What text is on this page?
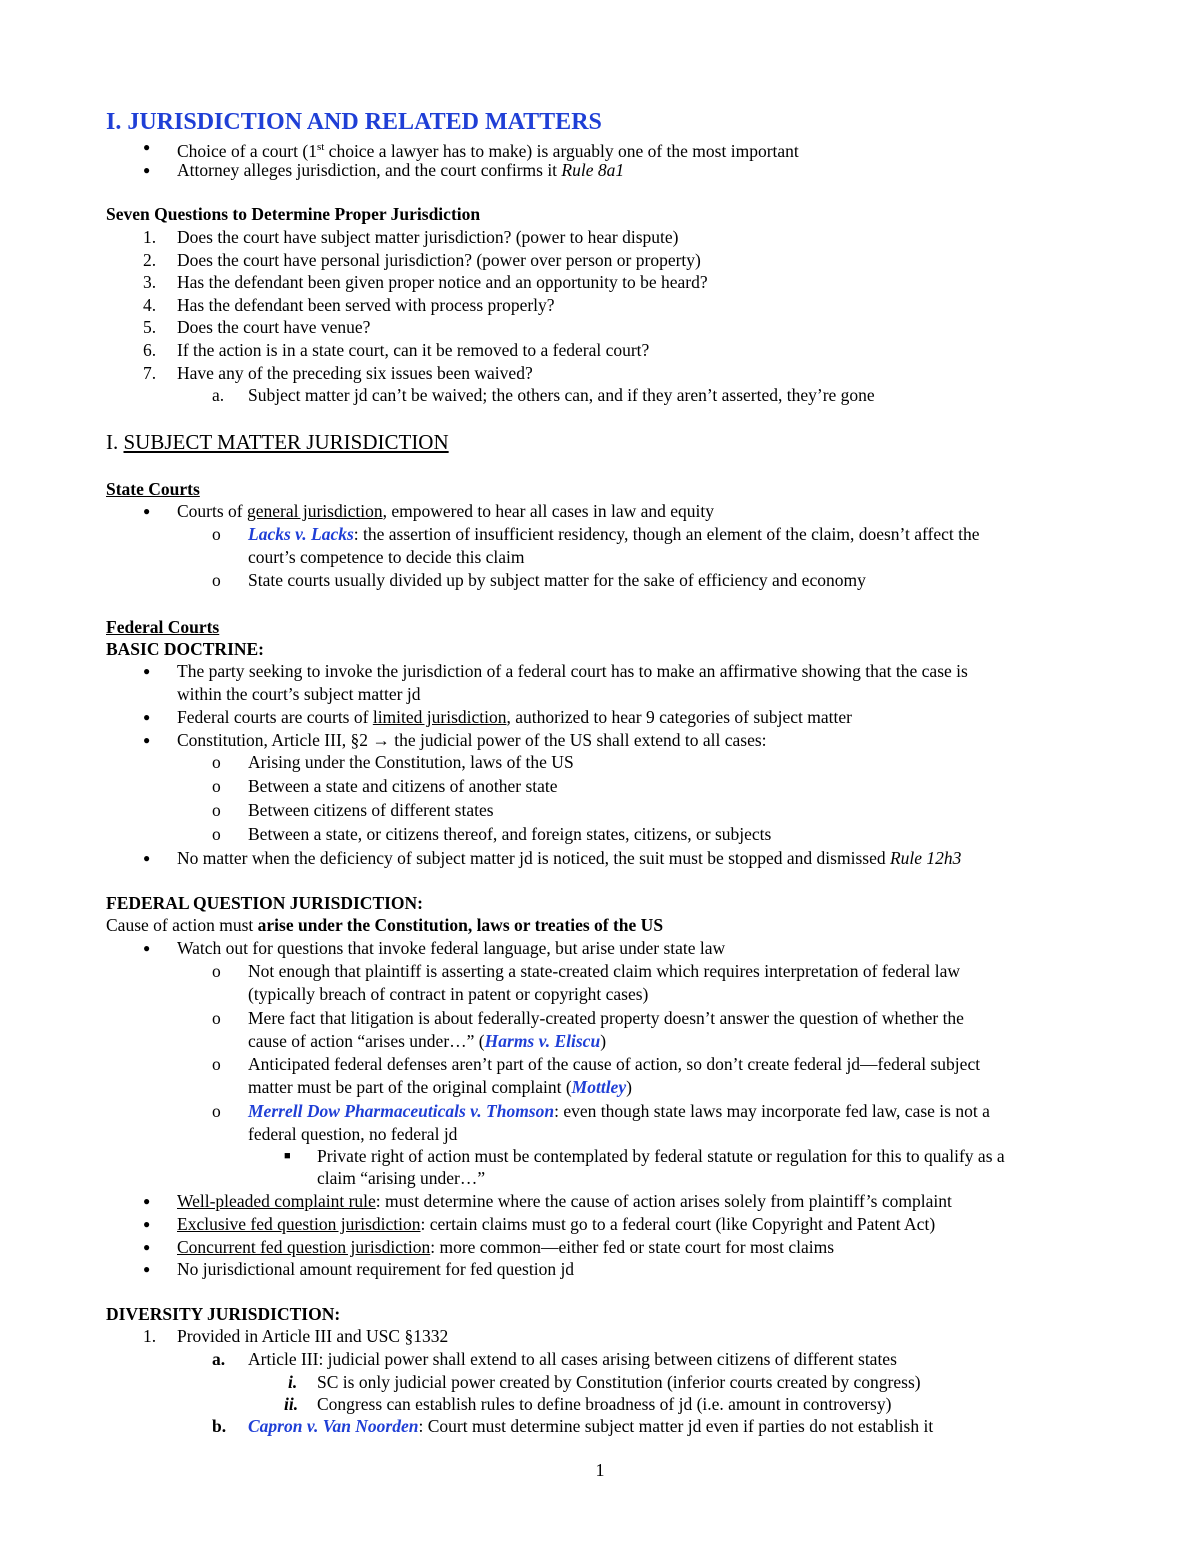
I. JURISDICTION AND RELATED MATTERS
● Choice of a court (1st choice a lawyer has to make) is arguably one of the most important
● Attorney alleges jurisdiction, and the court confirms it Rule 8a1
Seven Questions to Determine Proper Jurisdiction
1. Does the court have subject matter jurisdiction? (power to hear dispute)
2. Does the court have personal jurisdiction? (power over person or property)
3. Has the defendant been given proper notice and an opportunity to be heard?
4. Has the defendant been served with process properly?
5. Does the court have venue?
6. If the action is in a state court, can it be removed to a federal court?
7. Have any of the preceding six issues been waived?
a. Subject matter jd can’t be waived; the others can, and if they aren’t asserted, they’re gone
I. SUBJECT MATTER JURISDICTION
State Courts
● Courts of general jurisdiction, empowered to hear all cases in law and equity
o Lacks v. Lacks: the assertion of insufficient residency, though an element of the claim, doesn’t affect the
court’s competence to decide this claim
o State courts usually divided up by subject matter for the sake of efficiency and economy
Federal Courts
BASIC DOCTRINE:
● The party seeking to invoke the jurisdiction of a federal court has to make an affirmative showing that the case is
within the court’s subject matter jd
● Federal courts are courts of limited jurisdiction, authorized to hear 9 categories of subject matter
● Constitution, Article III, §2 → the judicial power of the US shall extend to all cases:
o Arising under the Constitution, laws of the US
o Between a state and citizens of another state
o Between citizens of different states
o Between a state, or citizens thereof, and foreign states, citizens, or subjects
● No matter when the deficiency of subject matter jd is noticed, the suit must be stopped and dismissed Rule 12h3
FEDERAL QUESTION JURISDICTION:
Cause of action must arise under the Constitution, laws or treaties of the US
● Watch out for questions that invoke federal language, but arise under state law
o Not enough that plaintiff is asserting a state-created claim which requires interpretation of federal law
(typically breach of contract in patent or copyright cases)
o Mere fact that litigation is about federally-created property doesn’t answer the question of whether the
cause of action “arises under…” (Harms v. Eliscu)
o Anticipated federal defenses aren’t part of the cause of action, so don’t create federal jd—federal subject
matter must be part of the original complaint (Mottley)
o Merrell Dow Pharmaceuticals v. Thomson: even though state laws may incorporate fed law, case is not a
federal question, no federal jd
■ Private right of action must be contemplated by federal statute or regulation for this to qualify as a
claim “arising under…”
● Well-pleaded complaint rule: must determine where the cause of action arises solely from plaintiff’s complaint
● Exclusive fed question jurisdiction: certain claims must go to a federal court (like Copyright and Patent Act)
● Concurrent fed question jurisdiction: more common—either fed or state court for most claims
● No jurisdictional amount requirement for fed question jd
DIVERSITY JURISDICTION:
1. Provided in Article III and USC §1332
a. Article III: judicial power shall extend to all cases arising between citizens of different states
i. SC is only judicial power created by Constitution (inferior courts created by congress)
ii. Congress can establish rules to define broadness of jd (i.e. amount in controversy)
b. Capron v. Van Noorden: Court must determine subject matter jd even if parties do not establish it
1
